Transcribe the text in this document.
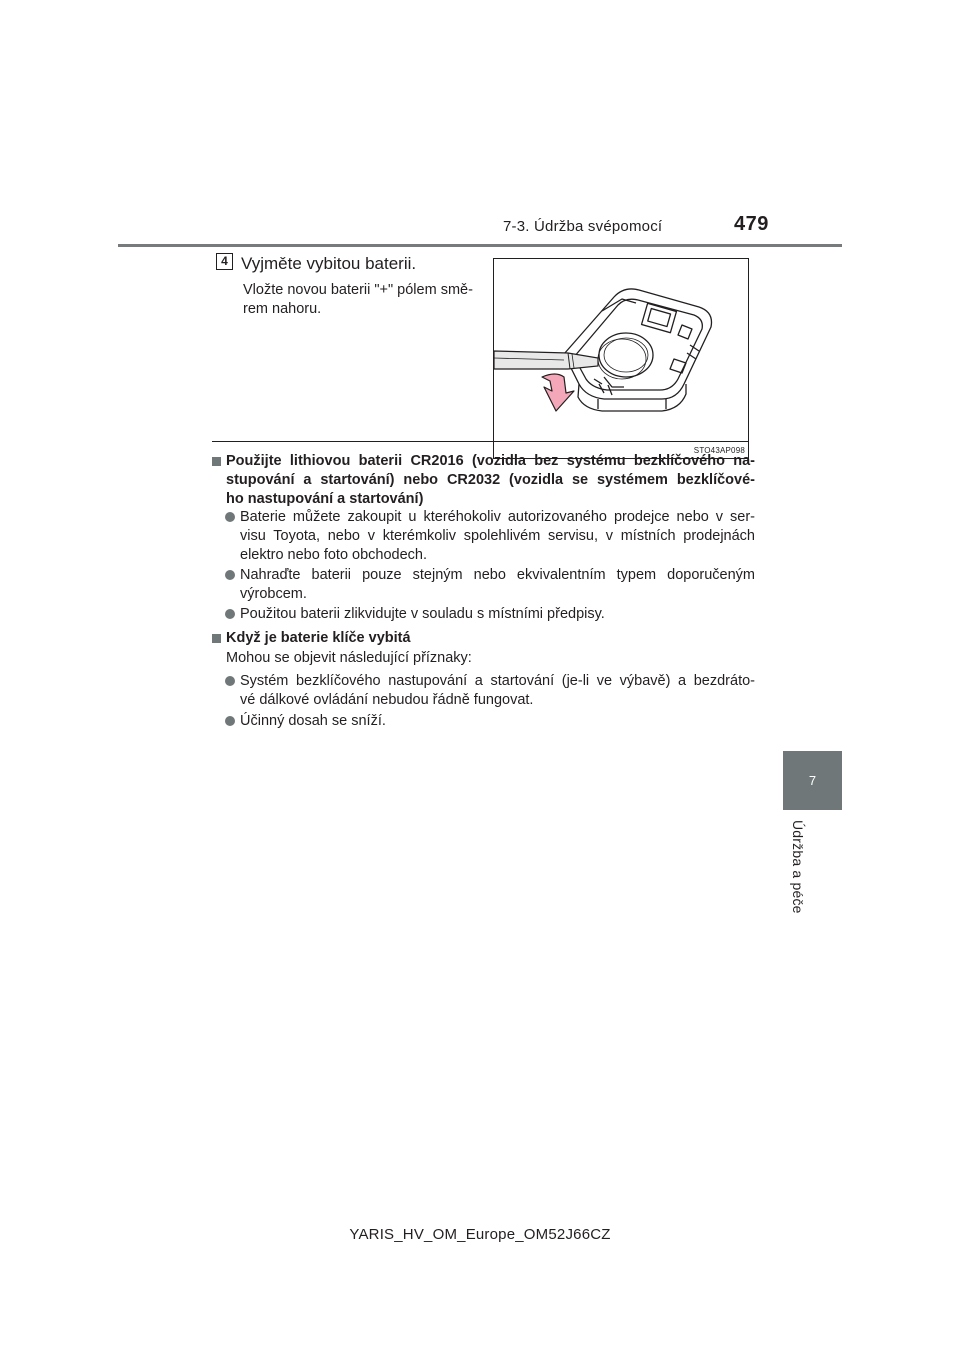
7-3. Údržba svépomocí	479
7
Údržba a péče
4 Vyjměte vybitou baterii.
Vložte novou baterii "+" pólem smě-
rem nahoru.
STO43AP098
Použijte lithiovou baterii CR2016 (vozidla bez systému bezklíčového na-
stupování a startování) nebo CR2032 (vozidla se systémem bezklíčové-
ho nastupování a startování)
Baterie můžete zakoupit u kteréhokoliv autorizovaného prodejce nebo v ser-
visu Toyota, nebo v kterémkoliv spolehlivém servisu, v místních prodejnách
elektro nebo foto obchodech.
Nahraďte baterii pouze stejným nebo ekvivalentním typem doporučeným
výrobcem.
Použitou baterii zlikvidujte v souladu s místními předpisy.
Když je baterie klíče vybitá
Mohou se objevit následující příznaky:
Systém bezklíčového nastupování a startování (je-li ve výbavě) a bezdráto-
vé dálkové ovládání nebudou řádně fungovat.
Účinný dosah se sníží.
YARIS_HV_OM_Europe_OM52J66CZ
